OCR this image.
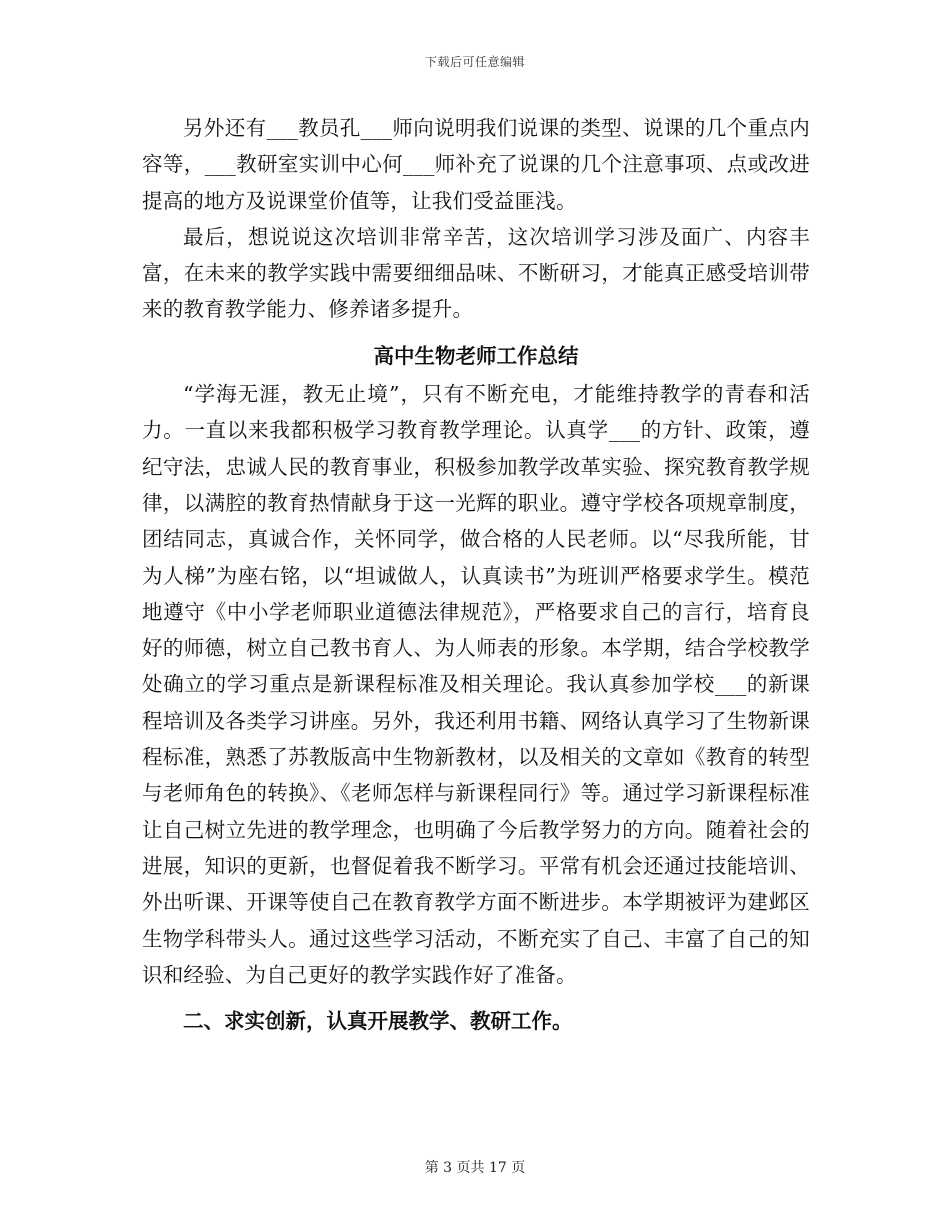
下载后可任意编辑

另外还有___教员孔___师向说明我们说课的类型、说课的几个重点内容等，___教研室实训中心何___师补充了说课的几个注意事项、点或改进提高的地方及说课堂价值等，让我们受益匪浅。

最后，想说说这次培训非常辛苦，这次培训学习涉及面广、内容丰富，在未来的教学实践中需要细细品味、不断研习，才能真正感受培训带来的教育教学能力、修养诸多提升。

高中生物老师工作总结

“学海无涯，教无止境”，只有不断充电，才能维持教学的青春和活力。一直以来我都积极学习教育教学理论。认真学___的方针、政策，遵纪守法，忠诚人民的教育事业，积极参加教学改革实验、探究教育教学规律，以满腔的教育热情献身于这一光辉的职业。遵守学校各项规章制度，团结同志，真诚合作，关怀同学，做合格的人民老师。以“尽我所能，甘为人梯”为座右铭，以“坦诚做人，认真读书”为班训严格要求学生。模范地遵守《中小学老师职业道德法律规范》，严格要求自己的言行，培育良好的师德，树立自己教书育人、为人师表的形象。本学期，结合学校教学处确立的学习重点是新课程标准及相关理论。我认真参加学校___的新课程培训及各类学习讲座。另外，我还利用书籍、网络认真学习了生物新课程标准，熟悉了苏教版高中生物新教材，以及相关的文章如《教育的转型与老师角色的转换》、《老师怎样与新课程同行》等。通过学习新课程标准让自己树立先进的教学理念，也明确了今后教学努力的方向。随着社会的进展，知识的更新，也督促着我不断学习。平常有机会还通过技能培训、外出听课、开课等使自己在教育教学方面不断进步。本学期被评为建邺区生物学科带头人。通过这些学习活动，不断充实了自己、丰富了自己的知识和经验、为自己更好的教学实践作好了准备。

二、求实创新，认真开展教学、教研工作。

第 3 页共 17 页
